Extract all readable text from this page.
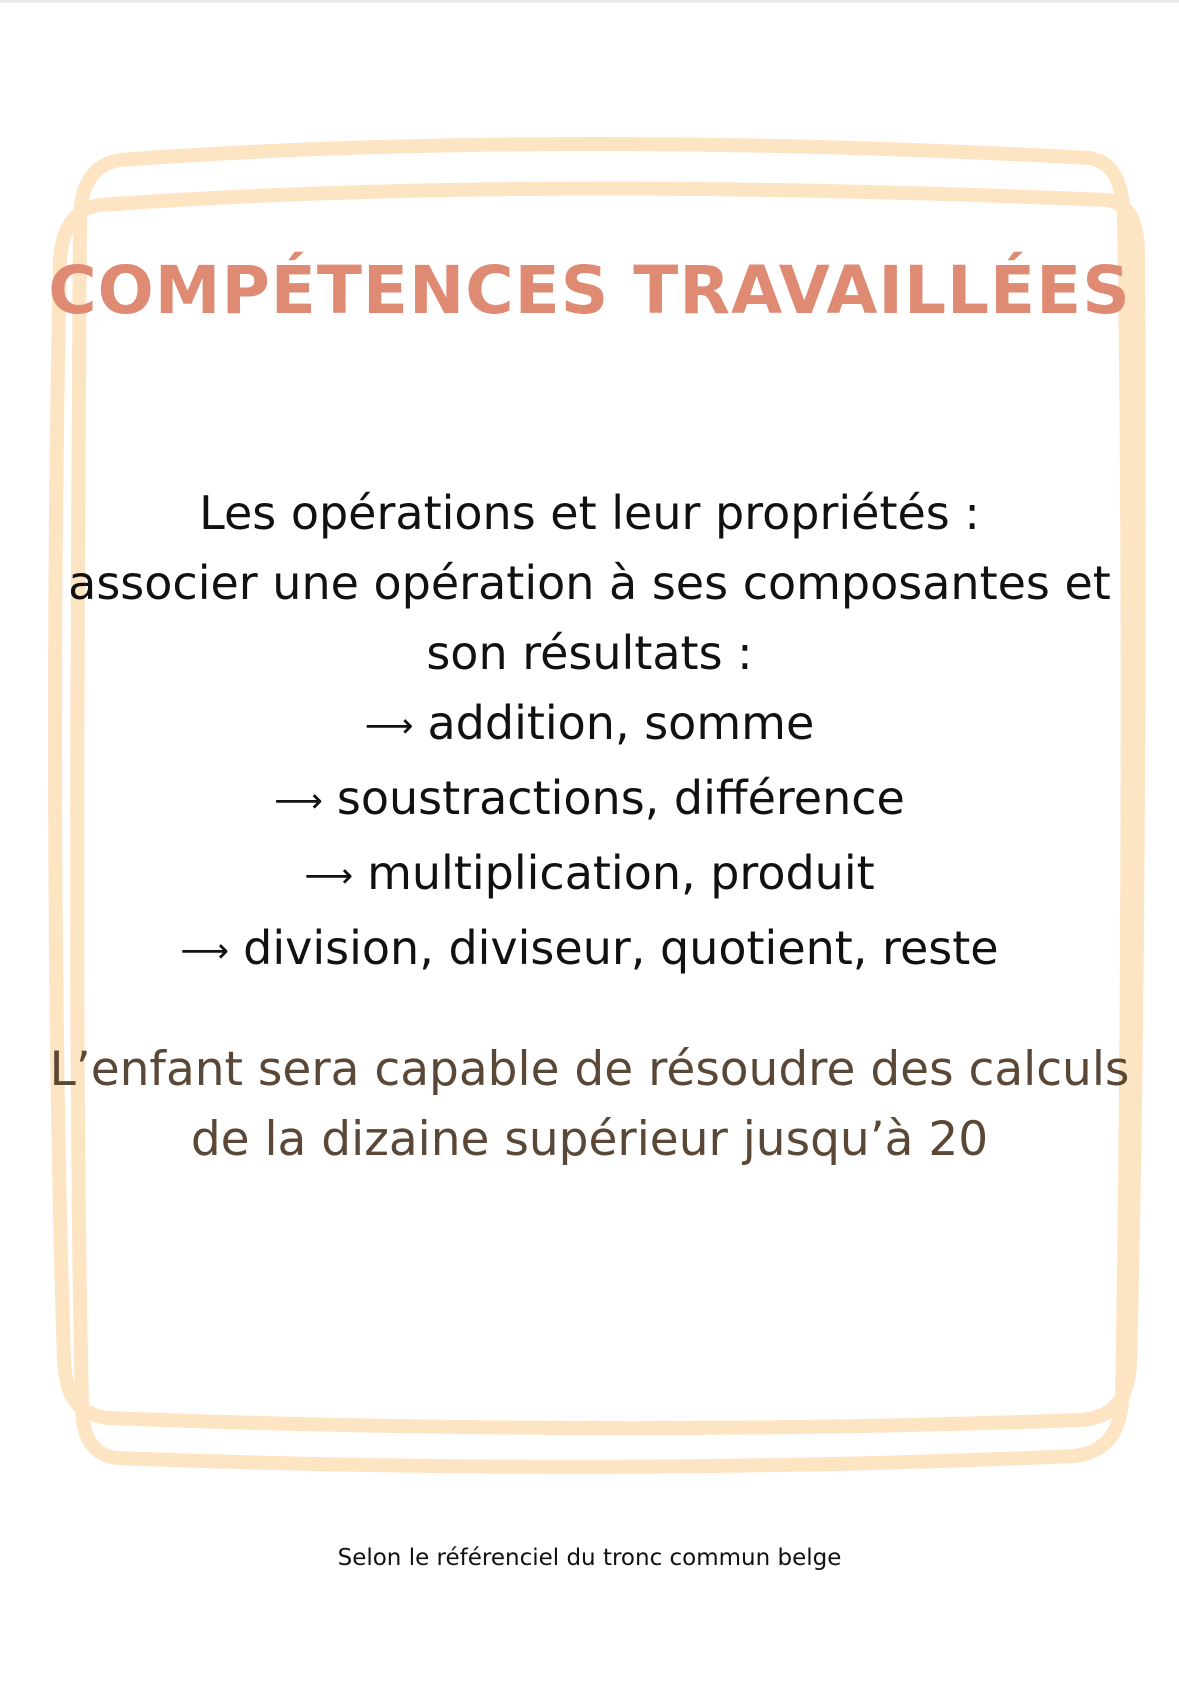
COMPÉTENCES TRAVAILLÉES
Les opérations et leur propriétés :
associer une opération à ses composantes et
son résultats :
⟶ addition, somme
⟶ soustractions, différence
⟶ multiplication, produit
⟶ division, diviseur, quotient, reste
L’enfant sera capable de résoudre des calculs
de la dizaine supérieur jusqu’à 20
Selon le référenciel du tronc commun belge
